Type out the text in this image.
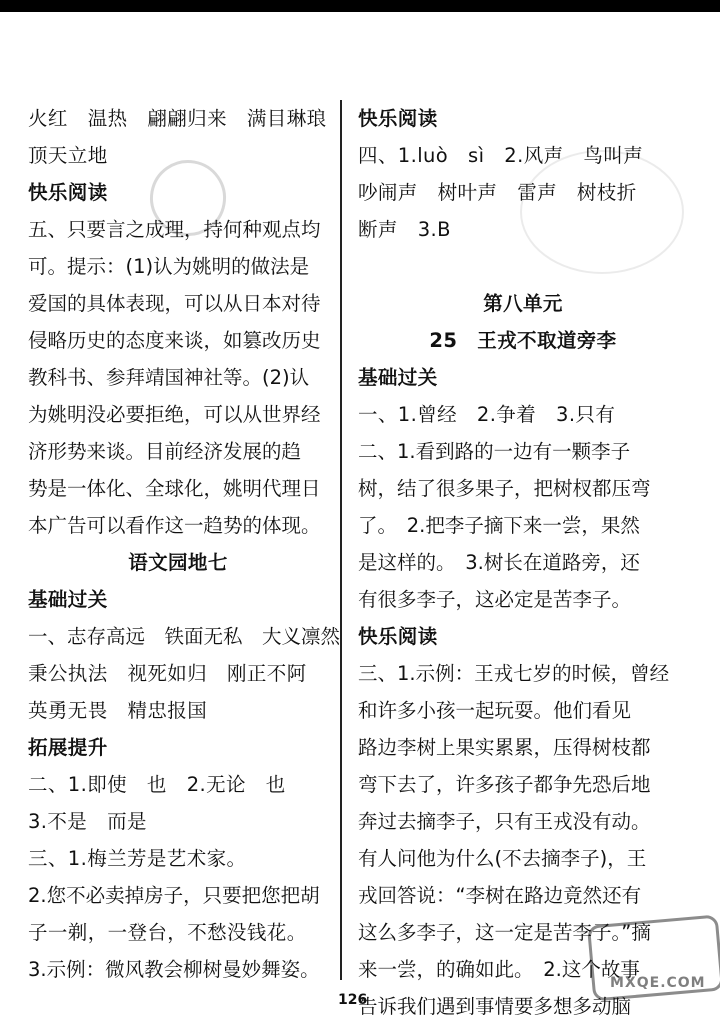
MXQE.COM
火红　温热　翩翩归来　满目琳琅
顶天立地
快乐阅读
五、只要言之成理，持何种观点均
可。提示：(1)认为姚明的做法是
爱国的具体表现，可以从日本对待
侵略历史的态度来谈，如篡改历史
教科书、参拜靖国神社等。(2)认
为姚明没必要拒绝，可以从世界经
济形势来谈。目前经济发展的趋
势是一体化、全球化，姚明代理日
本广告可以看作这一趋势的体现。
语文园地七
基础过关
一、志存高远　铁面无私　大义凛然
秉公执法　视死如归　刚正不阿
英勇无畏　精忠报国
拓展提升
二、1.即使　也　2.无论　也
3.不是　而是
三、1.梅兰芳是艺术家。
2.您不必卖掉房子，只要把您把胡
子一剃，一登台，不愁没钱花。
3.示例：微风教会柳树曼妙舞姿。
快乐阅读
四、1.luò　sì　2.风声　鸟叫声
吵闹声　树叶声　雷声　树枝折
断声　3.B
第八单元
25　王戎不取道旁李
基础过关
一、1.曾经　2.争着　3.只有
二、1.看到路的一边有一颗李子
树，结了很多果子，把树杈都压弯
了。　2.把李子摘下来一尝，果然
是这样的。　3.树长在道路旁，还
有很多李子，这必定是苦李子。
快乐阅读
三、1.示例：王戎七岁的时候，曾经
和许多小孩一起玩耍。他们看见
路边李树上果实累累，压得树枝都
弯下去了，许多孩子都争先恐后地
奔过去摘李子，只有王戎没有动。
有人问他为什么(不去摘李子)，王
戎回答说：“李树在路边竟然还有
这么多李子，这一定是苦李子。”摘
来一尝，的确如此。　2.这个故事
告诉我们遇到事情要多想多动脑
126
